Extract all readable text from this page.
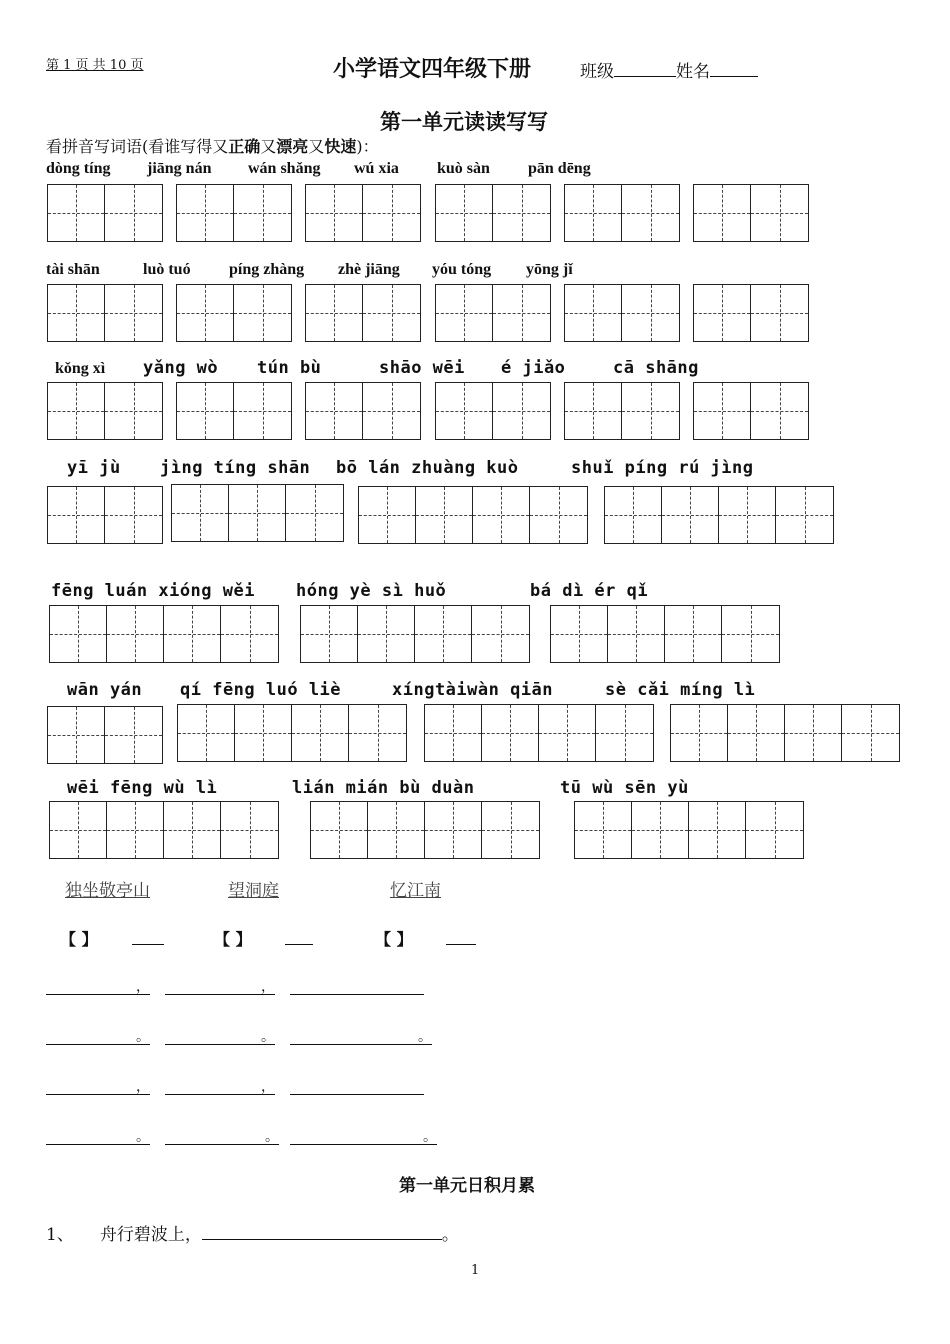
第 1 页 共 10 页	小学语文四年级下册	班级	姓名
第一单元读读写写
看拼音写词语(看谁写得又正确又漂亮又快速)：
dòng tíng jiāng nán wán shǎng wú xia kuò sàn pān dēng
tài shān	luò tuó píng zhàng zhè jiāng yóu tóng yōng jǐ
kǒng xì yǎng wò tún bù	shāo wēi é jiǎo	cā shāng
yī jù jìng tíng shān bō lán zhuàng kuò	shuǐ píng rú jìng
fēng luán xióng wěi hóng yè sì huǒ	bá dì ér qǐ
wān yán qí fēng luó liè	xíngtàiwàn qiān	sè cǎi míng lì
wēi fēng wù lì	lián mián bù duàn	tū wù sēn yù
独坐敬亭山	望洞庭	忆江南
【 】	【 】	【 】
，	，
。	。	。
，	，
。	。	。
第一单元日积月累
1、 舟行碧波上，	。
1
